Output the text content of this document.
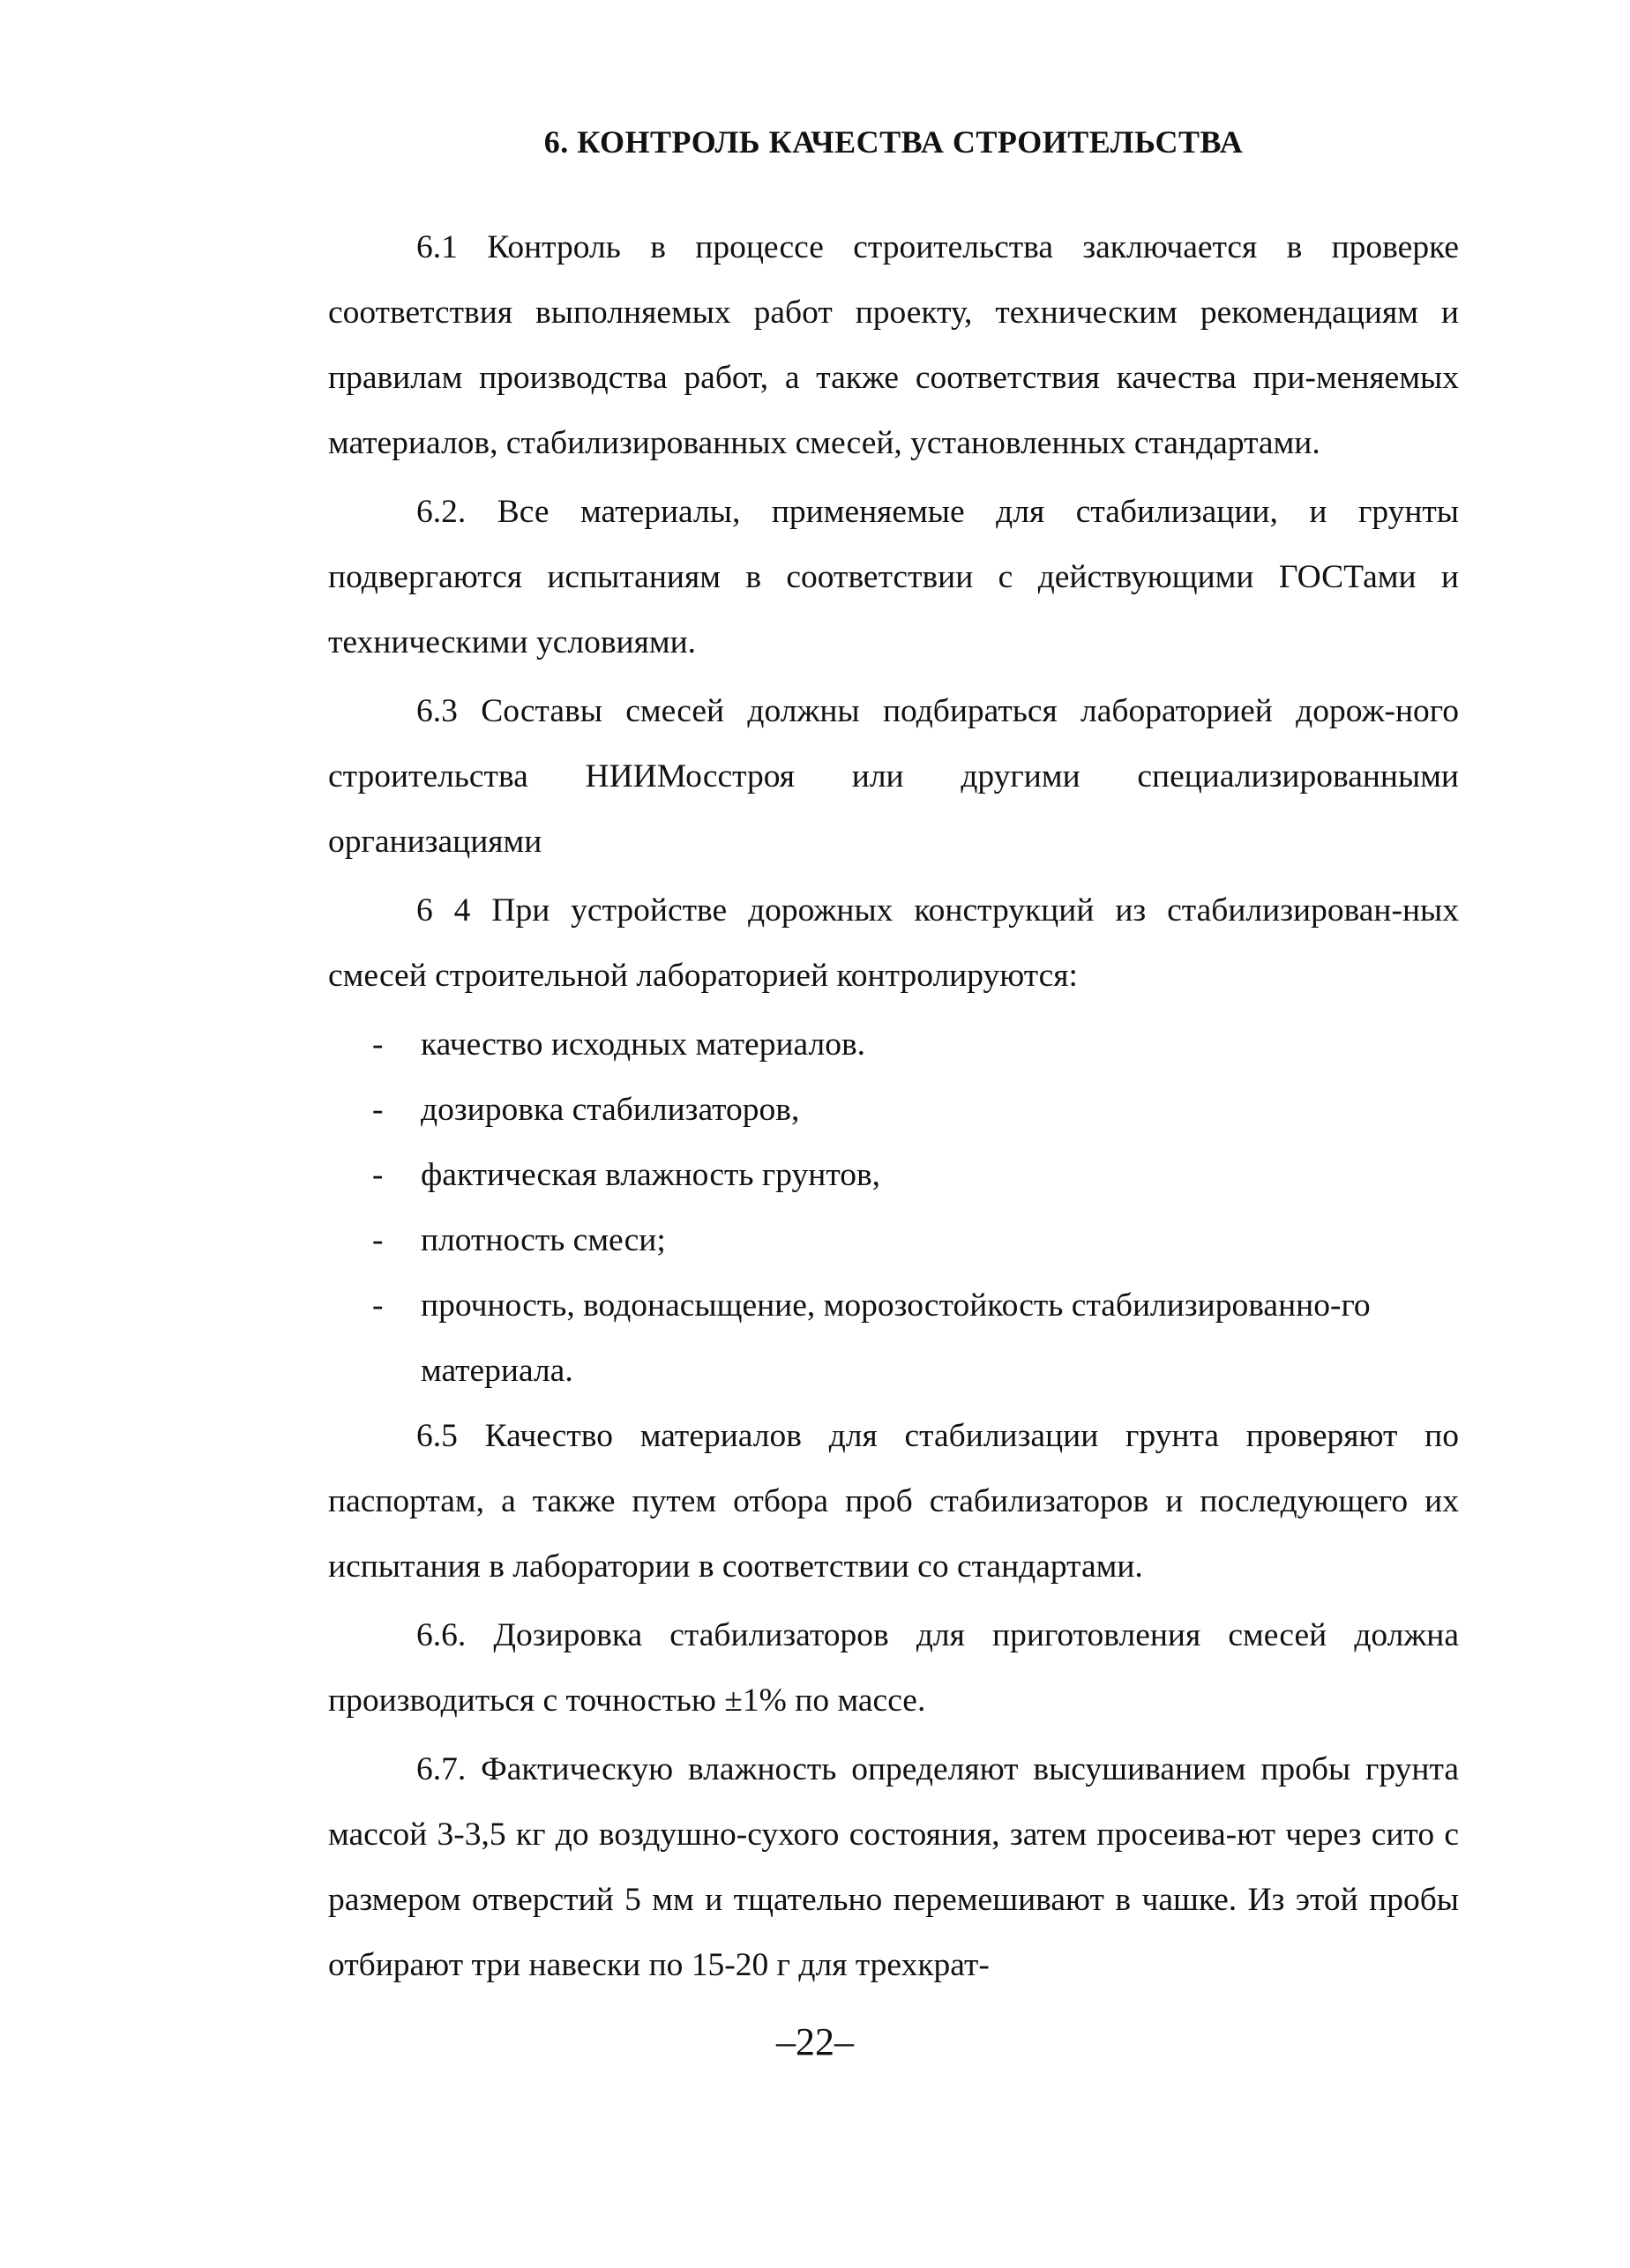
6. КОНТРОЛЬ КАЧЕСТВА СТРОИТЕЛЬСТВА

6.1 Контроль в процессе строительства заключается в проверке соответствия выполняемых работ проекту, техническим рекомендациям и правилам производства работ, а также соответствия качества при-меняемых материалов, стабилизированных смесей, установленных стандартами.

6.2. Все материалы, применяемые для стабилизации, и грунты подвергаются испытаниям в соответствии с действующими ГОСТами и техническими условиями.

6.3 Составы смесей должны подбираться лабораторией дорож-ного строительства НИИМосстроя или другими специализированными организациями

6 4 При устройстве дорожных конструкций из стабилизирован-ных смесей строительной лабораторией контролируются:

- качество исходных материалов.
- дозировка стабилизаторов,
- фактическая влажность грунтов,
- плотность смеси;
- прочность, водонасыщение, морозостойкость стабилизированно-го материала.

6.5 Качество материалов для стабилизации грунта проверяют по паспортам, а также путем отбора проб стабилизаторов и последующего их испытания в лаборатории в соответствии со стандартами.

6.6. Дозировка стабилизаторов для приготовления смесей должна производиться с точностью ±1% по массе.

6.7. Фактическую влажность определяют высушиванием пробы грунта массой 3-3,5 кг до воздушно-сухого состояния, затем просеива-ют через сито с размером отверстий 5 мм и тщательно перемешивают в чашке. Из этой пробы отбирают три навески по 15-20 г для трехкрат-

–22–
